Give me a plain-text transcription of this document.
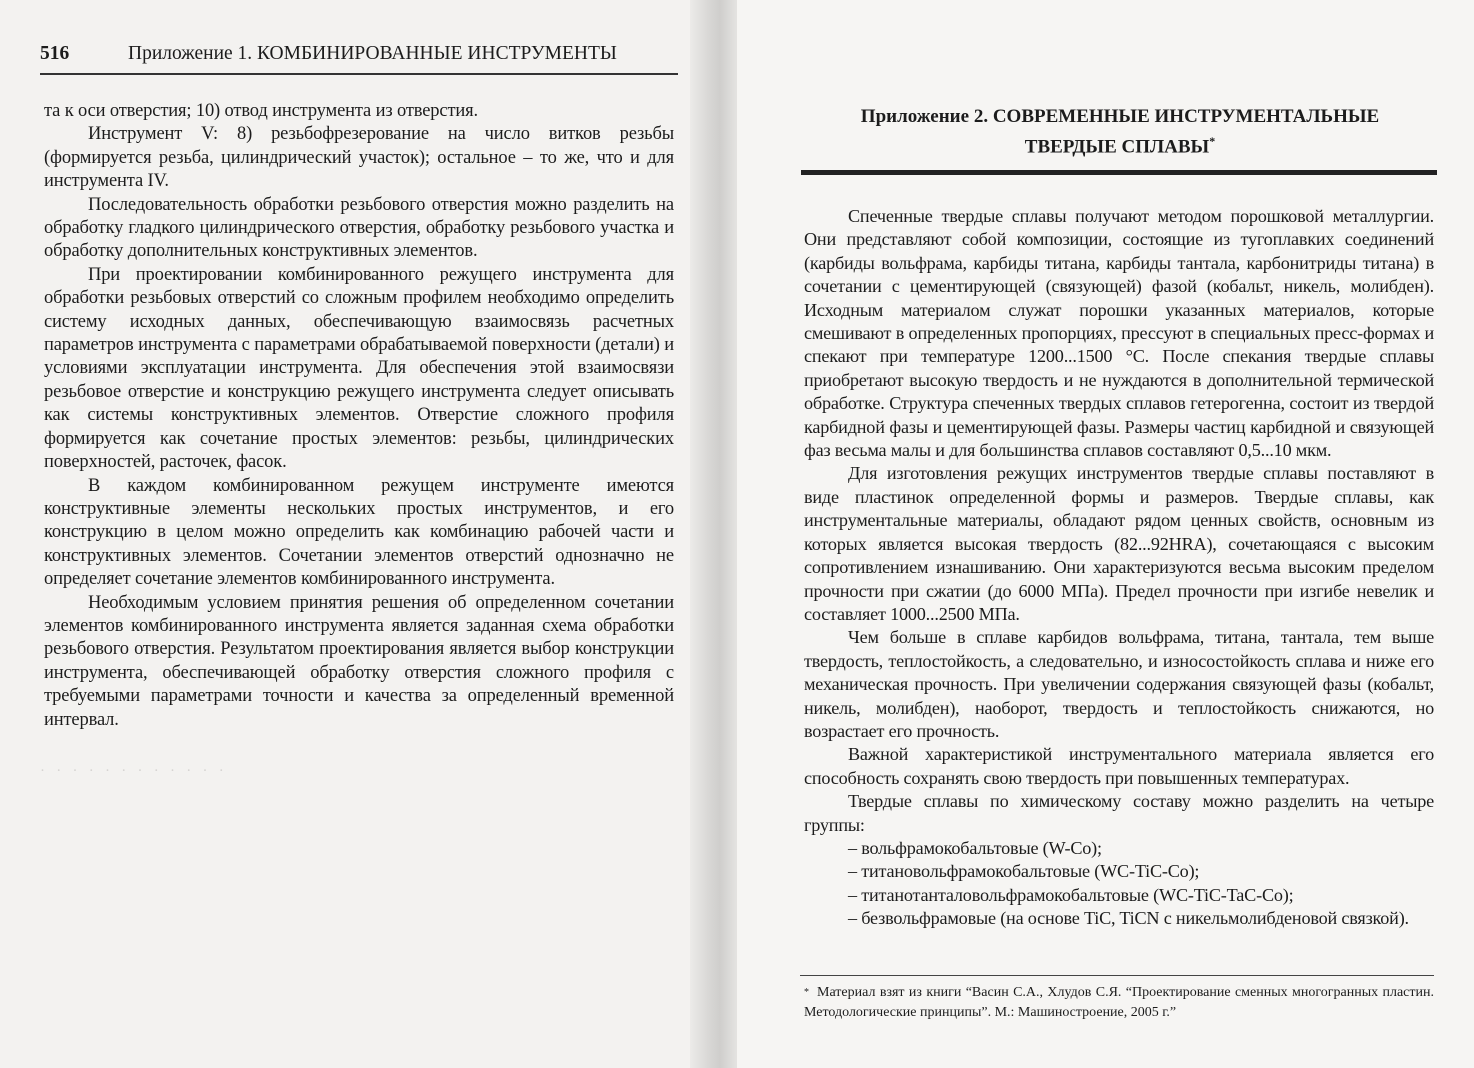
·   ·   ·   ·   ·   ·   ·   ·   ·   ·   ·   ·
516	Приложение 1. КОМБИНИРОВАННЫЕ ИНСТРУМЕНТЫ

та к оси отверстия; 10) отвод инструмента из отверстия.

Инструмент V: 8) резьбофрезерование на число витков резьбы (формируется резьба, цилиндрический участок); остальное – то же, что и для инструмента IV.

Последовательность обработки резьбового отверстия можно разделить на обработку гладкого цилиндрического отверстия, обработку резьбового участка и обработку дополнительных конструктивных элементов.

При проектировании комбинированного режущего инструмента для обработки резьбовых отверстий со сложным профилем необходимо определить систему исходных данных, обеспечивающую взаимосвязь расчетных параметров инструмента с параметрами обрабатываемой поверхности (детали) и условиями эксплуатации инструмента. Для обеспечения этой взаимосвязи резьбовое отверстие и конструкцию режущего инструмента следует описывать как системы конструктивных элементов. Отверстие сложного профиля формируется как сочетание простых элементов: резьбы, цилиндрических поверхностей, расточек, фасок.

В каждом комбинированном режущем инструменте имеются конструктивные элементы нескольких простых инструментов, и его конструкцию в целом можно определить как комбинацию рабочей части и конструктивных элементов. Сочетании элементов отверстий однозначно не определяет сочетание элементов комбинированного инструмента.

Необходимым условием принятия решения об определенном сочетании элементов комбинированного инструмента является заданная схема обработки резьбового отверстия. Результатом проектирования является выбор конструкции инструмента, обеспечивающей обработку отверстия сложного профиля с требуемыми параметрами точности и качества за определенный временной интервал.

Приложение 2. СОВРЕМЕННЫЕ ИНСТРУМЕНТАЛЬНЫЕ
ТВЕРДЫЕ СПЛАВЫ*

Спеченные твердые сплавы получают методом порошковой металлургии. Они представляют собой композиции, состоящие из тугоплавких соединений (карбиды вольфрама, карбиды титана, карбиды тантала, карбонитриды титана) в сочетании с цементирующей (связующей) фазой (кобальт, никель, молибден). Исходным материалом служат порошки указанных материалов, которые смешивают в определенных пропорциях, прессуют в специальных пресс-формах и спекают при температуре 1200...1500 °С. После спекания твердые сплавы приобретают высокую твердость и не нуждаются в дополнительной термической обработке. Структура спеченных твердых сплавов гетерогенна, состоит из твердой карбидной фазы и цементирующей фазы. Размеры частиц карбидной и связующей фаз весьма малы и для большинства сплавов составляют 0,5...10 мкм.

Для изготовления режущих инструментов твердые сплавы поставляют в виде пластинок определенной формы и размеров. Твердые сплавы, как инструментальные материалы, обладают рядом ценных свойств, основным из которых является высокая твердость (82...92HRA), сочетающаяся с высоким сопротивлением изнашиванию. Они характеризуются весьма высоким пределом прочности при сжатии (до 6000 МПа). Предел прочности при изгибе невелик и составляет 1000...2500 МПа.

Чем больше в сплаве карбидов вольфрама, титана, тантала, тем выше твердость, теплостойкость, а следовательно, и износостойкость сплава и ниже его механическая прочность. При увеличении содержания связующей фазы (кобальт, никель, молибден), наоборот, твердость и теплостойкость снижаются, но возрастает его прочность.

Важной характеристикой инструментального материала является его способность сохранять свою твердость при повышенных температурах.

Твердые сплавы по химическому составу можно разделить на четыре группы:

– вольфрамокобальтовые (W-Co);

– титановольфрамокобальтовые (WC-TiC-Co);

– титанотанталовольфрамокобальтовые (WC-TiC-TaC-Co);

– безвольфрамовые (на основе TiC, TiCN с никельмолибденовой связкой).

* Материал взят из книги “Васин С.А., Хлудов С.Я. “Проектирование сменных многогранных пластин. Методологические принципы”. М.: Машиностроение, 2005 г.”
